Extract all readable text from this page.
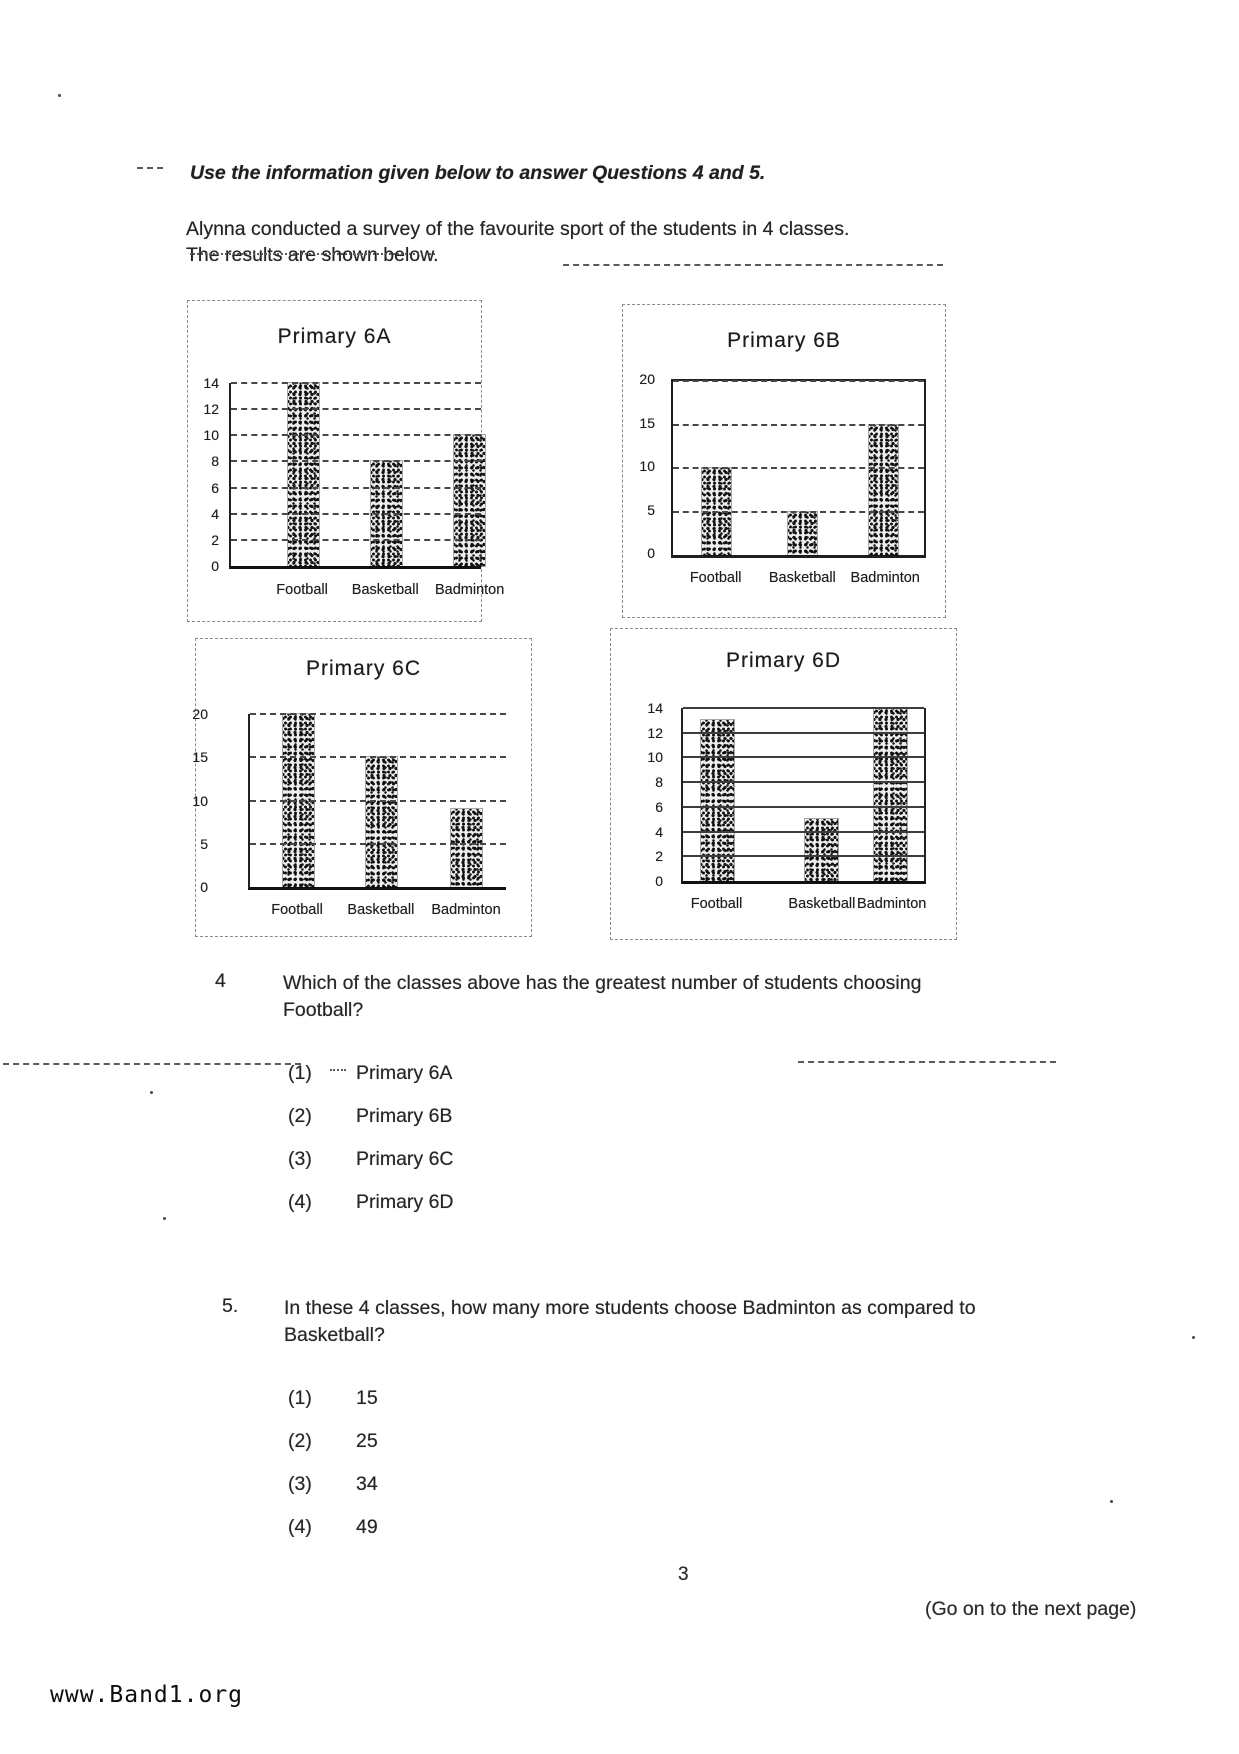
Use the information given below to answer Questions 4 and 5.
Alynna conducted a survey of the favourite sport of the students in 4 classes.
The results are shown below.
Primary 6A
14
12
10
8
6
4
2
0
Football Basketball Badminton
Primary 6B
20
15
10
5
0
Football Basketball Badminton
Primary 6C
20
15
10
5
0
Football Basketball Badminton
Primary 6D
14
12
10
8
6
4
2
0
Football	Basketball Badminton
4	Which of the classes above has the greatest number of students choosing
Football?
(1) Primary 6A
(2) Primary 6B
(3) Primary 6C
(4) Primary 6D
5. In these 4 classes, how many more students choose Badminton as compared to
Basketball?
(1) 15
(2) 25
(3) 34
(4) 49
3
(Go on to the next page)
www.Band1.org
